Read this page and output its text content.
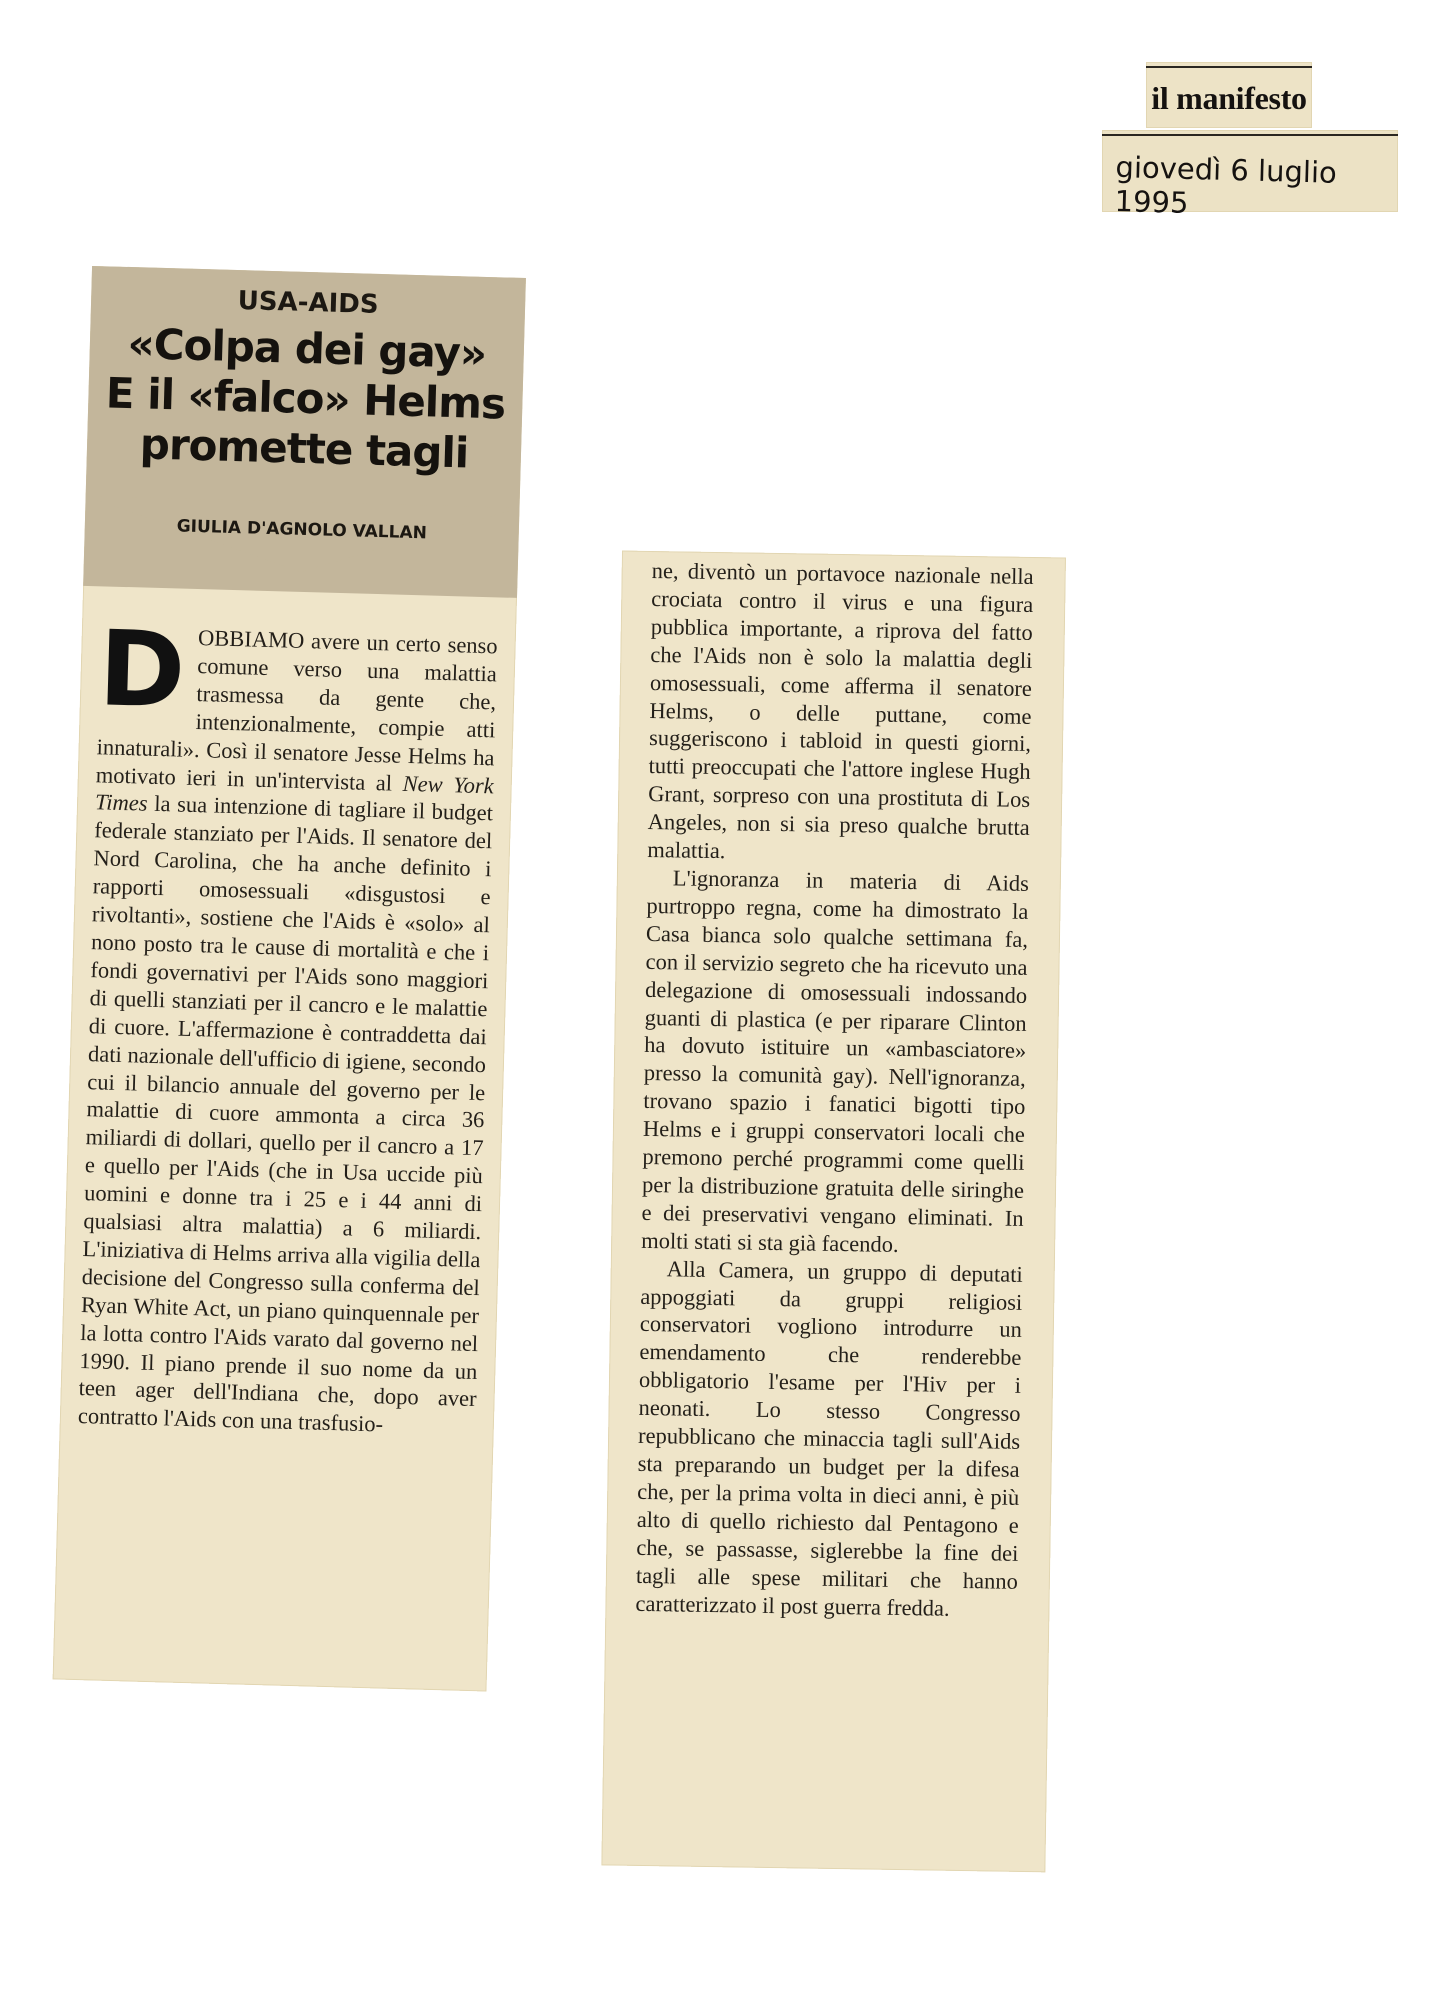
il manifesto
giovedì 6 luglio 1995
USA-AIDS
«Colpa dei gay»
E il «falco» Helms
promette tagli
GIULIA D'AGNOLO VALLAN
DOBBIAMO avere un certo senso comune verso una malattia trasmessa da gente che, intenzionalmente, compie atti innaturali». Così il senatore Jesse Helms ha motivato ieri in un'intervista al New York Times la sua intenzione di tagliare il budget federale stanziato per l'Aids. Il senatore del Nord Carolina, che ha anche definito i rapporti omosessuali «disgustosi e rivoltanti», sostiene che l'Aids è «solo» al nono posto tra le cause di mortalità e che i fondi governativi per l'Aids sono maggiori di quelli stanziati per il cancro e le malattie di cuore. L'affermazione è contraddetta dai dati nazionale dell'ufficio di igiene, secondo cui il bilancio annuale del governo per le malattie di cuore ammonta a circa 36 miliardi di dollari, quello per il cancro a 17 e quello per l'Aids (che in Usa uccide più uomini e donne tra i 25 e i 44 anni di qualsiasi altra malattia) a 6 miliardi. L'iniziativa di Helms arriva alla vigilia della decisione del Congresso sulla conferma del Ryan White Act, un piano quinquennale per la lotta contro l'Aids varato dal governo nel 1990. Il piano prende il suo nome da un teen ager dell'Indiana che, dopo aver contratto l'Aids con una trasfusio-
ne, diventò un portavoce nazionale nella crociata contro il virus e una figura pubblica importante, a riprova del fatto che l'Aids non è solo la malattia degli omosessuali, come afferma il senatore Helms, o delle puttane, come suggeriscono i tabloid in questi giorni, tutti preoccupati che l'attore inglese Hugh Grant, sorpreso con una prostituta di Los Angeles, non si sia preso qualche brutta malattia.
L'ignoranza in materia di Aids purtroppo regna, come ha dimostrato la Casa bianca solo qualche settimana fa, con il servizio segreto che ha ricevuto una delegazione di omosessuali indossando guanti di plastica (e per riparare Clinton ha dovuto istituire un «ambasciatore» presso la comunità gay). Nell'ignoranza, trovano spazio i fanatici bigotti tipo Helms e i gruppi conservatori locali che premono perché programmi come quelli per la distribuzione gratuita delle siringhe e dei preservativi vengano eliminati. In molti stati si sta già facendo.
Alla Camera, un gruppo di deputati appoggiati da gruppi religiosi conservatori vogliono introdurre un emendamento che renderebbe obbligatorio l'esame per l'Hiv per i neonati. Lo stesso Congresso repubblicano che minaccia tagli sull'Aids sta preparando un budget per la difesa che, per la prima volta in dieci anni, è più alto di quello richiesto dal Pentagono e che, se passasse, siglerebbe la fine dei tagli alle spese militari che hanno caratterizzato il post guerra fredda.
